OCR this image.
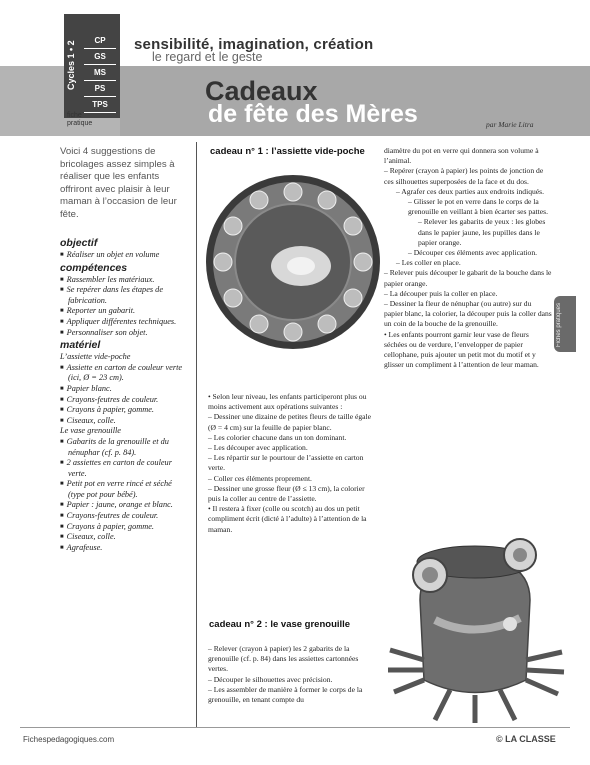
Cycles 1 • 2	CP
GS
MS
PS
TPS
fiche
pratique
sensibilité, imagination, création
le regard et le geste
Cadeaux
de fête des Mères	par Marie Litra
Voici 4 suggestions de bricolages assez simples à réaliser que les enfants offriront avec plaisir à leur maman à l’occasion de leur fête.
objectif
■ Réaliser un objet en volume
compétences
■ Rassembler les matériaux.
■ Se repérer dans les étapes de fabrication.
■ Reporter un gabarit.
■ Appliquer différentes techniques.
■ Personnaliser son objet.
matériel
L’assiette vide-poche
■ Assiette en carton de couleur verte (ici, Ø = 23 cm).
■ Papier blanc.
■ Crayons-feutres de couleur.
■ Crayons à papier, gomme.
■ Ciseaux, colle.
Le vase grenouille
■ Gabarits de la grenouille et du nénuphar (cf. p. 84).
■ 2 assiettes en carton de couleur verte.
■ Petit pot en verre rincé et séché (type pot pour bébé).
■ Papier : jaune, orange et blanc.
■ Crayons-feutres de couleur.
■ Crayons à papier, gomme.
■ Ciseaux, colle.
■ Agrafeuse.
cadeau n° 1 : l’assiette vide-poche
• Selon leur niveau, les enfants participeront plus ou moins activement aux opérations suivantes :
– Dessiner une dizaine de petites fleurs de taille égale (Ø = 4 cm) sur la feuille de papier blanc.
– Les colorier chacune dans un ton dominant.
– Les découper avec application.
– Les répartir sur le pourtour de l’assiette en carton verte.
– Coller ces éléments proprement.
– Dessiner une grosse fleur (Ø ≤ 13 cm), la colorier puis la coller au centre de l’assiette.
• Il restera à fixer (colle ou scotch) au dos un petit compliment écrit (dicté à l’adulte) à l’attention de la maman.
cadeau n° 2 : le vase grenouille
– Relever (crayon à papier) les 2 gabarits de la grenouille (cf. p. 84) dans les assiettes cartonnées vertes.
– Découper le silhouettes avec précision.
– Les assembler de manière à former le corps de la grenouille, en tenant compte du
diamètre du pot en verre qui donnera son volume à l’animal.
– Repérer (crayon à papier) les points de jonction de ces silhouettes superposées de la face et du dos.
– Agrafer ces deux parties aux endroits indiqués.
– Glisser le pot en verre dans le corps de la grenouille en veillant à bien écarter ses pattes.
– Relever les gabarits de yeux : les globes dans le papier jaune, les pupilles dans le papier orange.
– Découper ces éléments avec application.
– Les coller en place.
– Relever puis découper le gabarit de la bouche dans le papier orange.
– La découper puis la coller en place.
– Dessiner la fleur de nénuphar (ou autre) sur du papier blanc, la colorier, la découper puis la coller dans un coin de la bouche de la grenouille.
• Les enfants pourront garnir leur vase de fleurs séchées ou de verdure, l’envelopper de papier cellophane, puis ajouter un petit mot du motif et y glisser un compliment à l’attention de leur maman.
Fiches pratiques
Fichespedagogiques.com	© LA CLASSE
